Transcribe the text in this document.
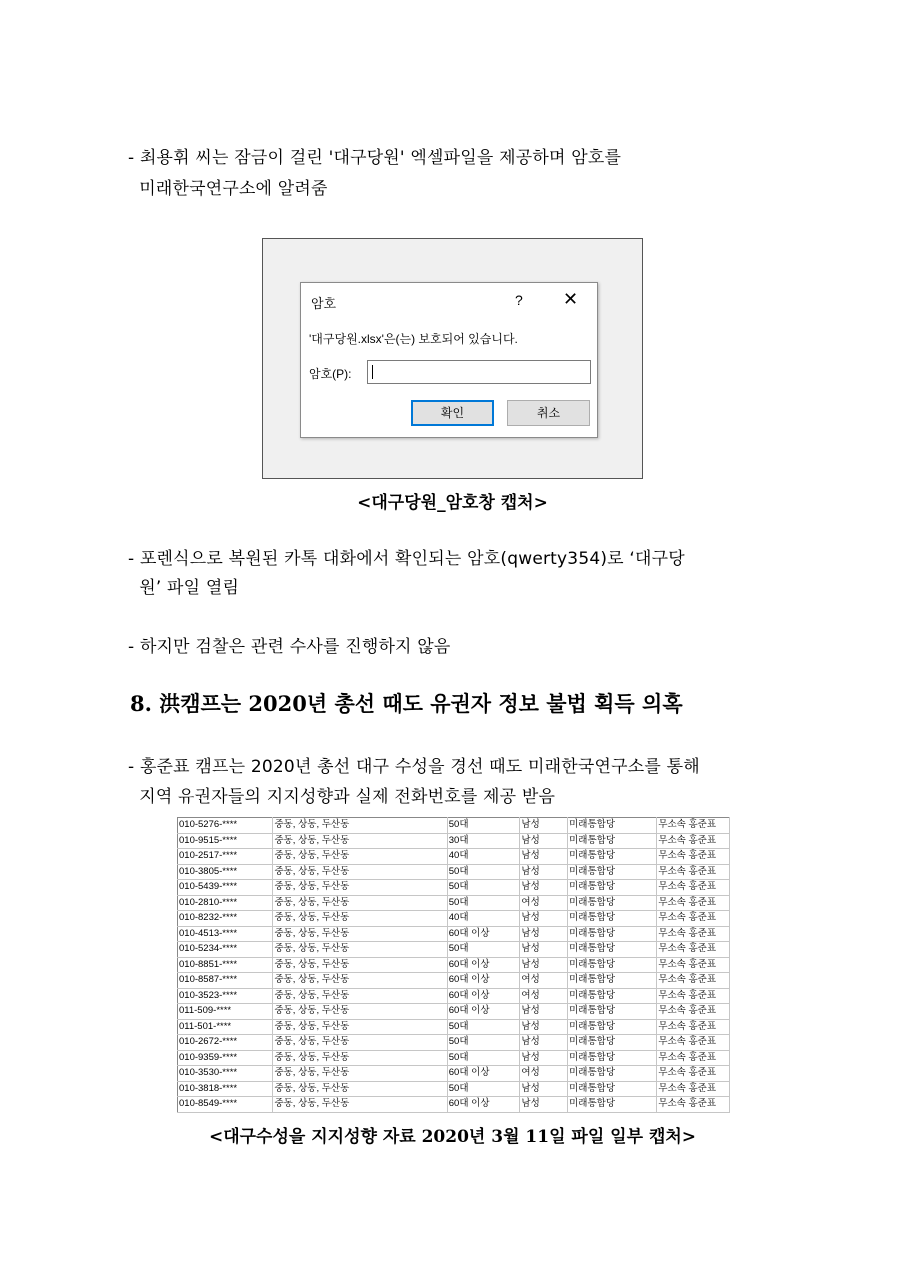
- 최용휘 씨는 잠금이 걸린 '대구당원' 엑셀파일을 제공하며 암호를
미래한국연구소에 알려줌
암호	? ✕
'대구당원.xlsx'은(는) 보호되어 있습니다.
암호(P):
확인	취소
<대구당원_암호창 캡처>
- 포렌식으로 복원된 카톡 대화에서 확인되는 암호(qwerty354)로 ‘대구당
원’ 파일 열림
- 하지만 검찰은 관련 수사를 진행하지 않음
8. 洪캠프는 2020년 총선 때도 유권자 정보 불법 획득 의혹
- 홍준표 캠프는 2020년 총선 대구 수성을 경선 때도 미래한국연구소를 통해
지역 유권자들의 지지성향과 실제 전화번호를 제공 받음
010-5276-****	중동, 상동, 두산동	50대	남성	미래통합당	무소속 홍준표
010-9515-****	중동, 상동, 두산동	30대	남성	미래통합당	무소속 홍준표
010-2517-****	중동, 상동, 두산동	40대	남성	미래통합당	무소속 홍준표
010-3805-****	중동, 상동, 두산동	50대	남성	미래통합당	무소속 홍준표
010-5439-****	중동, 상동, 두산동	50대	남성	미래통합당	무소속 홍준표
010-2810-****	중동, 상동, 두산동	50대	여성	미래통합당	무소속 홍준표
010-8232-****	중동, 상동, 두산동	40대	남성	미래통합당	무소속 홍준표
010-4513-****	중동, 상동, 두산동	60대 이상	남성	미래통합당	무소속 홍준표
010-5234-****	중동, 상동, 두산동	50대	남성	미래통합당	무소속 홍준표
010-8851-****	중동, 상동, 두산동	60대 이상	남성	미래통합당	무소속 홍준표
010-8587-****	중동, 상동, 두산동	60대 이상	여성	미래통합당	무소속 홍준표
010-3523-****	중동, 상동, 두산동	60대 이상	여성	미래통합당	무소속 홍준표
011-509-****	중동, 상동, 두산동	60대 이상	남성	미래통합당	무소속 홍준표
011-501-****	중동, 상동, 두산동	50대	남성	미래통합당	무소속 홍준표
010-2672-****	중동, 상동, 두산동	50대	남성	미래통합당	무소속 홍준표
010-9359-****	중동, 상동, 두산동	50대	남성	미래통합당	무소속 홍준표
010-3530-****	중동, 상동, 두산동	60대 이상	여성	미래통합당	무소속 홍준표
010-3818-****	중동, 상동, 두산동	50대	남성	미래통합당	무소속 홍준표
010-8549-****	중동, 상동, 두산동	60대 이상	남성	미래통합당	무소속 홍준표
<대구수성을 지지성향 자료 2020년 3월 11일 파일 일부 캡처>
